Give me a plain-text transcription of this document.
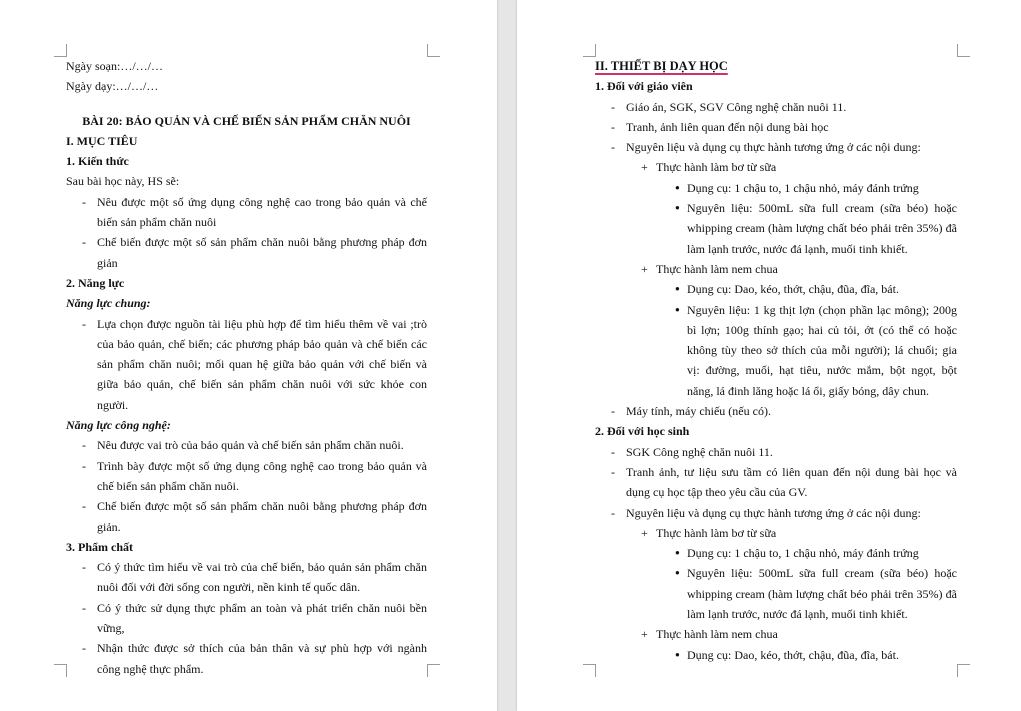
Ngày soạn:…/…/…
Ngày dạy:…/…/…
BÀI 20: BẢO QUẢN VÀ CHẾ BIẾN SẢN PHẨM CHĂN NUÔI
I. MỤC TIÊU
1. Kiến thức
Sau bài học này, HS sẽ:
- Nêu được một số ứng dụng công nghệ cao trong bảo quản và chế biến sản phẩm chăn nuôi
- Chế biến được một số sản phẩm chăn nuôi bằng phương pháp đơn giản
2. Năng lực
Năng lực chung:
- Lựa chọn được nguồn tài liệu phù hợp để tìm hiểu thêm về vai ;trò của bảo quản, chế biến; các phương pháp bảo quản và chế biến các sản phẩm chăn nuôi; mối quan hệ giữa bảo quản với chế biến và giữa bảo quản, chế biến sản phẩm chăn nuôi với sức khỏe con người.
Năng lực công nghệ:
- Nêu được vai trò của bảo quản và chế biến sản phẩm chăn nuôi.
- Trình bày được một số ứng dụng công nghệ cao trong bảo quản và chế biến sản phẩm chăn nuôi.
- Chế biến được một số sản phẩm chăn nuôi bằng phương pháp đơn giản.
3. Phẩm chất
- Có ý thức tìm hiểu về vai trò của chế biến, bảo quản sản phẩm chăn nuôi đối với đời sống con người, nền kinh tế quốc dân.
- Có ý thức sử dụng thực phẩm an toàn và phát triển chăn nuôi bền vững,
- Nhận thức được sở thích của bản thân và sự phù hợp với ngành công nghệ thực phẩm.
II. THIẾT BỊ DẠY HỌC
1. Đối với giáo viên
- Giáo án, SGK, SGV Công nghệ chăn nuôi 11.
- Tranh, ảnh liên quan đến nội dung bài học
- Nguyên liệu và dụng cụ thực hành tương ứng ở các nội dung:
+ Thực hành làm bơ từ sữa
● Dụng cụ: 1 chậu to, 1 chậu nhỏ, máy đánh trứng
● Nguyên liệu: 500mL sữa full cream (sữa béo) hoặc whipping cream (hàm lượng chất béo phải trên 35%) đã làm lạnh trước, nước đá lạnh, muối tinh khiết.
+ Thực hành làm nem chua
● Dụng cụ: Dao, kéo, thớt, chậu, đũa, đĩa, bát.
● Nguyên liệu: 1 kg thịt lợn (chọn phần lạc mông); 200g bì lợn; 100g thính gạo; hai củ tỏi, ớt (có thể có hoặc không tùy theo sở thích của mỗi người); lá chuối; gia vị: đường, muối, hạt tiêu, nước mắm, bột ngọt, bột năng, lá đinh lăng hoặc lá ổi, giấy bóng, dây chun.
- Máy tính, máy chiếu (nếu có).
2. Đối với học sinh
- SGK Công nghệ chăn nuôi 11.
- Tranh ảnh, tư liệu sưu tầm có liên quan đến nội dung bài học và dụng cụ học tập theo yêu cầu của GV.
- Nguyên liệu và dụng cụ thực hành tương ứng ở các nội dung:
+ Thực hành làm bơ từ sữa
● Dụng cụ: 1 chậu to, 1 chậu nhỏ, máy đánh trứng
● Nguyên liệu: 500mL sữa full cream (sữa béo) hoặc whipping cream (hàm lượng chất béo phải trên 35%) đã làm lạnh trước, nước đá lạnh, muối tinh khiết.
+ Thực hành làm nem chua
● Dụng cụ: Dao, kéo, thớt, chậu, đũa, đĩa, bát.
